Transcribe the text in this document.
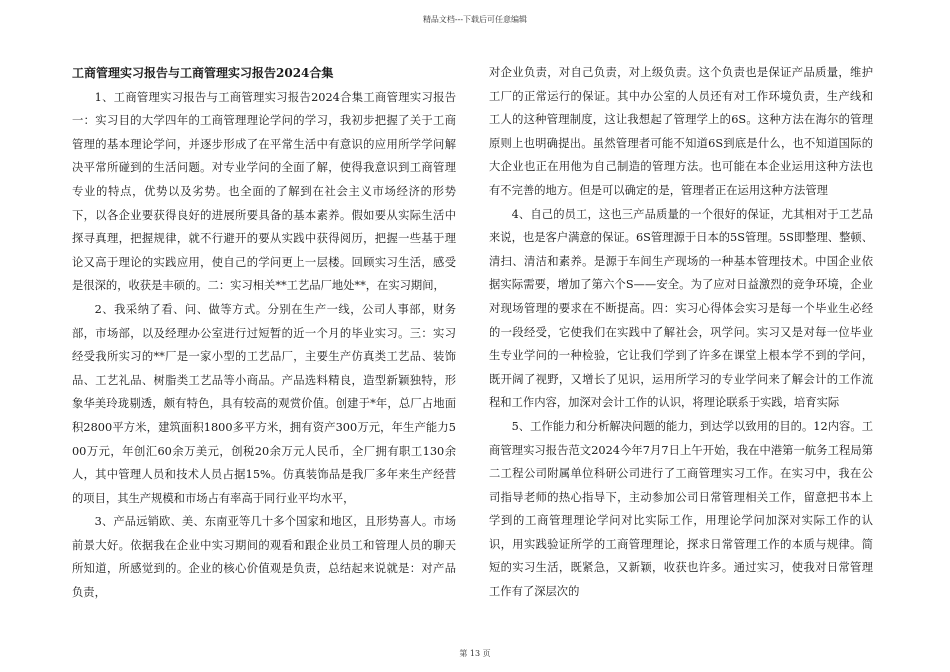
精品文档---下载后可任意编辑
工商管理实习报告与工商管理实习报告2024合集

1、工商管理实习报告与工商管理实习报告2024合集工商管理实习报告一：实习目的大学四年的工商管理理论学问的学习，我初步把握了关于工商管理的基本理论学问，并逐步形成了在平常生活中有意识的应用所学学问解决平常所碰到的生活问题。对专业学问的全面了解，使得我意识到工商管理专业的特点，优势以及劣势。也全面的了解到在社会主义市场经济的形势下，以各企业要获得良好的进展所要具备的基本素养。假如要从实际生活中探寻真理，把握规律，就不行避开的要从实践中获得阅历，把握一些基于理论又高于理论的实践应用，使自己的学问更上一层楼。回顾实习生活，感受是很深的，收获是丰硕的。二：实习相关**工艺品厂地处**，在实习期间，

2、我采纳了看、问、做等方式。分别在生产一线，公司人事部，财务部，市场部，以及经理办公室进行过短暂的近一个月的毕业实习。三：实习经受我所实习的**厂是一家小型的工艺品厂，主要生产仿真类工艺品、装饰品、工艺礼品、树脂类工艺品等小商品。产品选料精良，造型新颖独特，形象华美玲珑剔透，颇有特色，具有较高的观赏价值。创建于*年，总厂占地面积2800平方米，建筑面积1800多平方米，拥有资产300万元，年生产能力500万元，年创汇60余万美元，创税20余万元人民币，全厂拥有职工130余人，其中管理人员和技术人员占据15%。仿真装饰品是我厂多年来生产经营的项目，其生产规模和市场占有率高于同行业平均水平，

3、产品远销欧、美、东南亚等几十多个国家和地区，且形势喜人。市场前景大好。依据我在企业中实习期间的观看和跟企业员工和管理人员的聊天所知道，所感觉到的。企业的核心价值观是负责，总结起来说就是：对产品负责，

对企业负责，对自己负责，对上级负责。这个负责也是保证产品质量，维护工厂的正常运行的保证。其中办公室的人员还有对工作环境负责，生产线和工人的这种管理制度，这让我想起了管理学上的6S。这种方法在海尔的管理原则上也明确提出。虽然管理者可能不知道6S到底是什么，也不知道国际的大企业也正在用他为自己制造的管理方法。也可能在本企业运用这种方法也有不完善的地方。但是可以确定的是，管理者正在运用这种方法管理

4、自己的员工，这也三产品质量的一个很好的保证，尤其相对于工艺品来说，也是客户满意的保证。6S管理源于日本的5S管理。5S即整理、整顿、清扫、清洁和素养。是源于车间生产现场的一种基本管理技术。中国企业依据实际需要，增加了第六个S——安全。为了应对日益激烈的竞争环境，企业对现场管理的要求在不断提高。四：实习心得体会实习是每一个毕业生必经的一段经受，它使我们在实践中了解社会，巩学问。实习又是对每一位毕业生专业学问的一种检验，它让我们学到了许多在课堂上根本学不到的学问，既开阔了视野，又增长了见识，运用所学习的专业学问来了解会计的工作流程和工作内容，加深对会计工作的认识，将理论联系于实践，培育实际

5、工作能力和分析解决问题的能力，到达学以致用的目的。12内容。工商管理实习报告范文2024今年7月7日上午开始，我在中港第一航务工程局第二工程公司附属单位科研公司进行了工商管理实习工作。在实习中，我在公司指导老师的热心指导下，主动参加公司日常管理相关工作，留意把书本上学到的工商管理理论学问对比实际工作，用理论学问加深对实际工作的认识，用实践验证所学的工商管理理论，探求日常管理工作的本质与规律。简短的实习生活，既紧急，又新颖，收获也许多。通过实习，使我对日常管理工作有了深层次的

第 13 页
